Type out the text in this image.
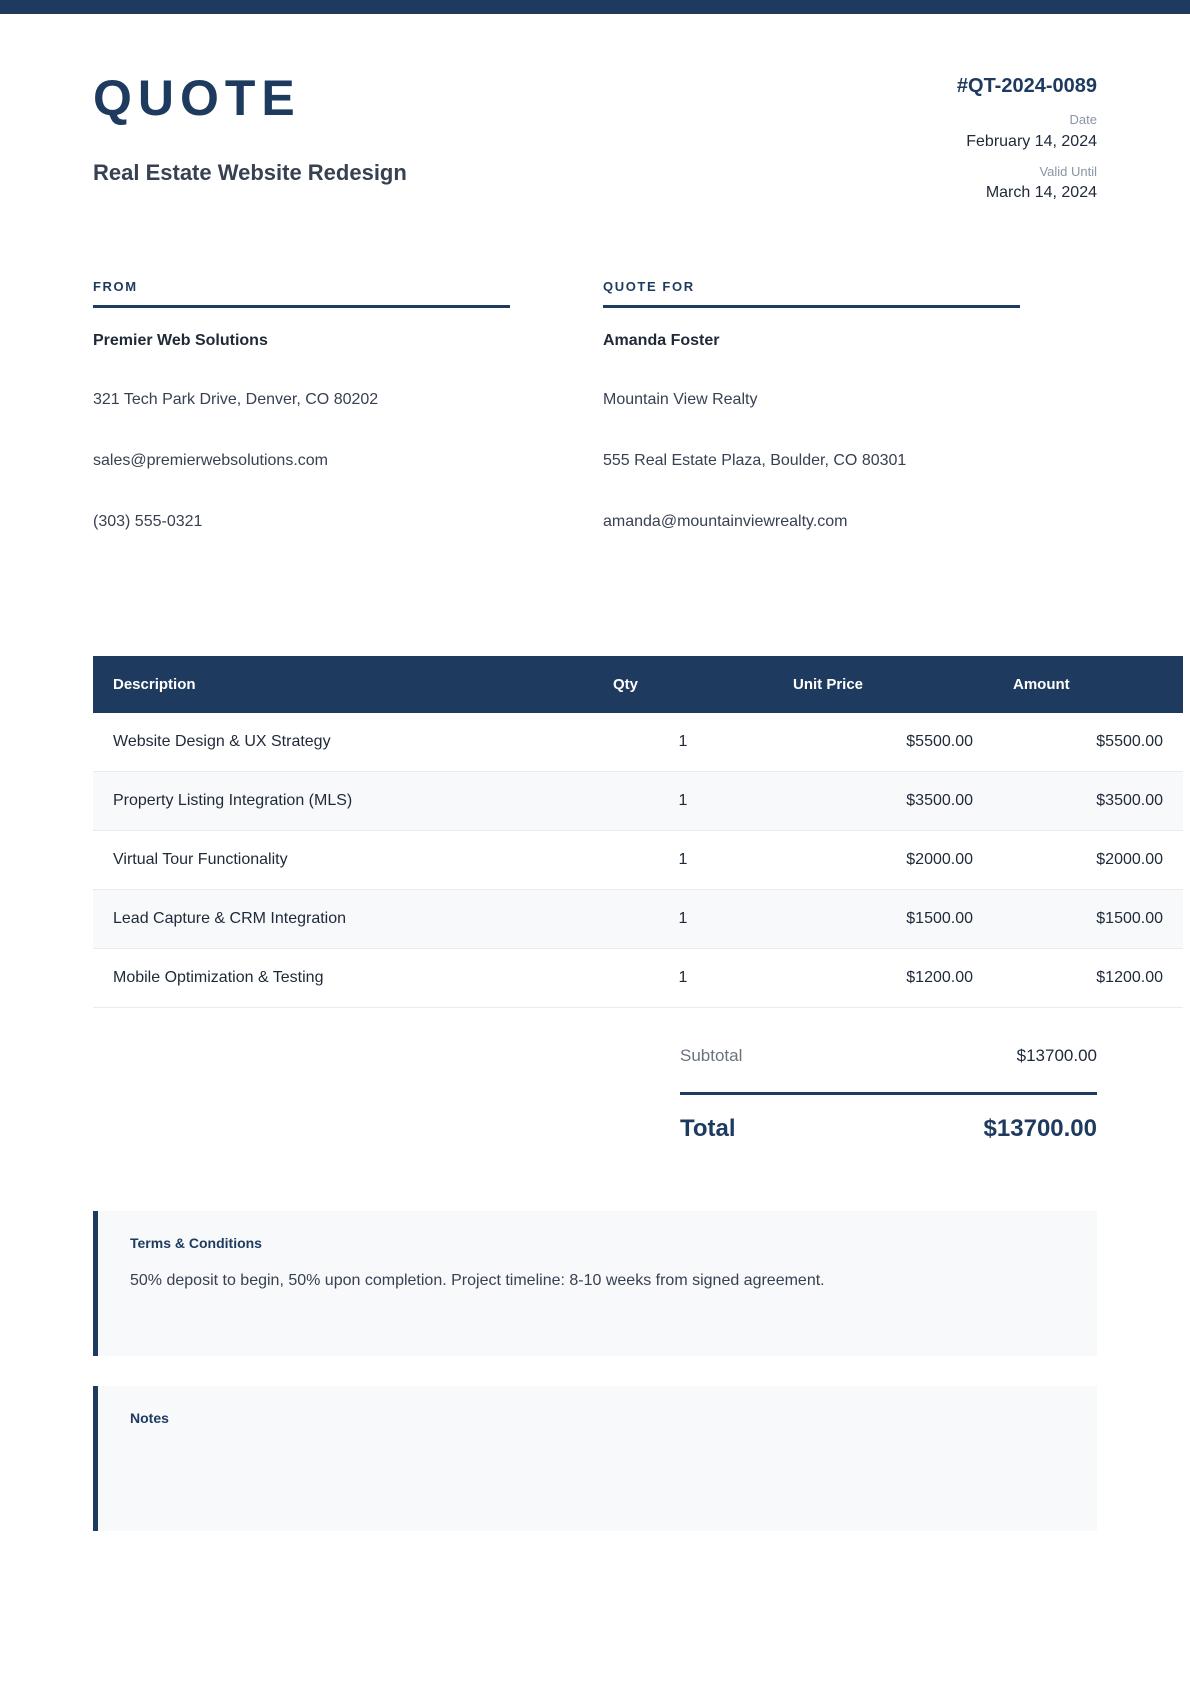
QUOTE
Real Estate Website Redesign
#QT-2024-0089
Date
February 14, 2024
Valid Until
March 14, 2024
FROM
Premier Web Solutions
321 Tech Park Drive, Denver, CO 80202
sales@premierwebsolutions.com
(303) 555-0321
QUOTE FOR
Amanda Foster
Mountain View Realty
555 Real Estate Plaza, Boulder, CO 80301
amanda@mountainviewrealty.com
Description	Qty	Unit Price	Amount
Website Design & UX Strategy	1	$5500.00	$5500.00
Property Listing Integration (MLS)	1	$3500.00	$3500.00
Virtual Tour Functionality	1	$2000.00	$2000.00
Lead Capture & CRM Integration	1	$1500.00	$1500.00
Mobile Optimization & Testing	1	$1200.00	$1200.00
Subtotal	$13700.00
Total	$13700.00
Terms & Conditions
50% deposit to begin, 50% upon completion. Project timeline: 8-10 weeks from signed agreement.
Notes
